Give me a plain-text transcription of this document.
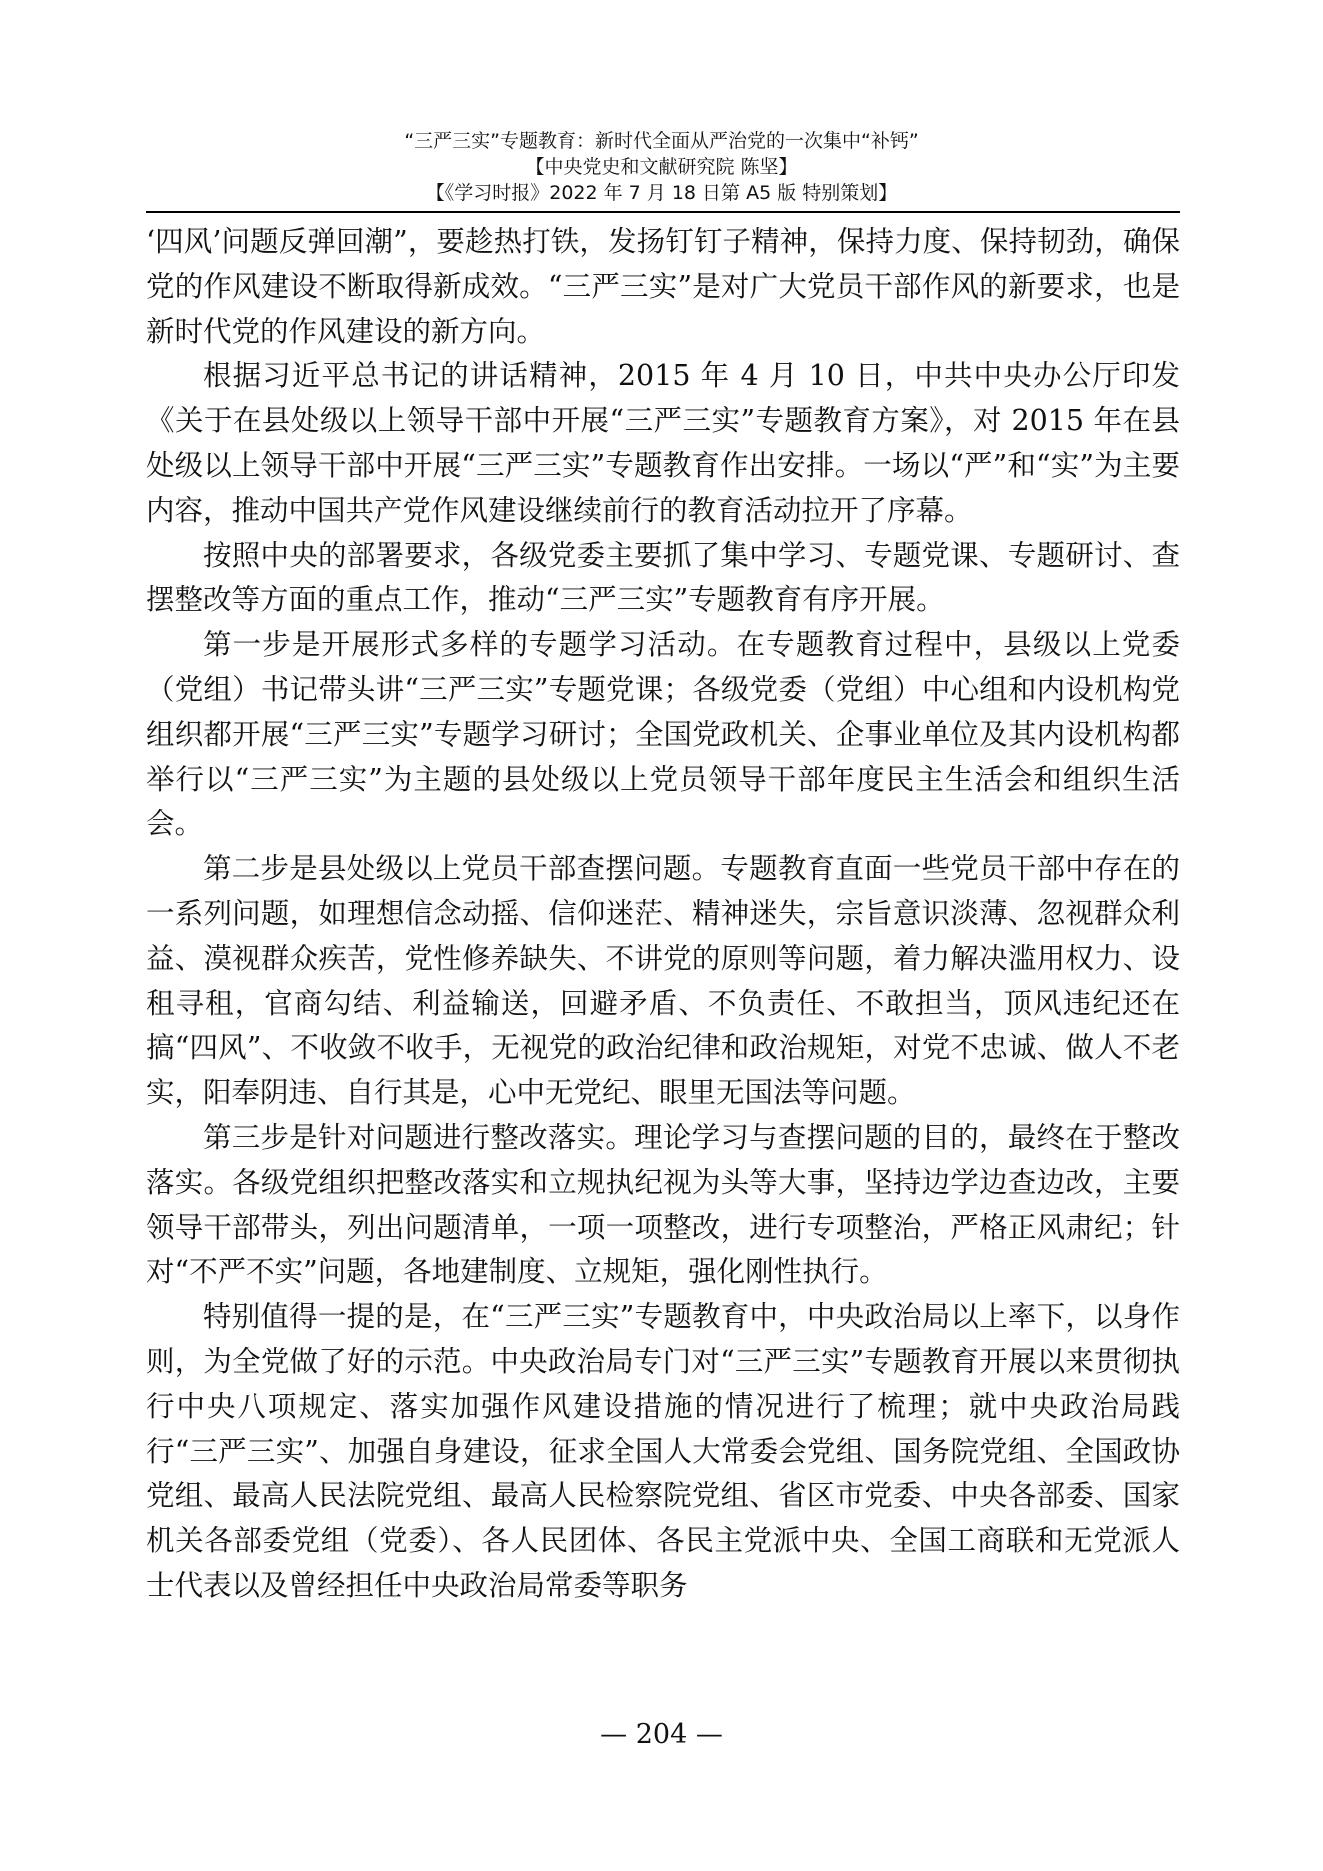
“三严三实”专题教育：新时代全面从严治党的一次集中“补钙”
【中央党史和文献研究院 陈坚】
【《学习时报》2022 年 7 月 18 日第 A5 版 特别策划】

‘四风’问题反弹回潮”，要趁热打铁，发扬钉钉子精神，保持力度、保持韧劲，确保党的作风建设不断取得新成效。“三严三实”是对广大党员干部作风的新要求，也是新时代党的作风建设的新方向。

根据习近平总书记的讲话精神，2015 年 4 月 10 日，中共中央办公厅印发《关于在县处级以上领导干部中开展“三严三实”专题教育方案》，对 2015 年在县处级以上领导干部中开展“三严三实”专题教育作出安排。一场以“严”和“实”为主要内容，推动中国共产党作风建设继续前行的教育活动拉开了序幕。

按照中央的部署要求，各级党委主要抓了集中学习、专题党课、专题研讨、查摆整改等方面的重点工作，推动“三严三实”专题教育有序开展。

第一步是开展形式多样的专题学习活动。在专题教育过程中，县级以上党委（党组）书记带头讲“三严三实”专题党课；各级党委（党组）中心组和内设机构党组织都开展“三严三实”专题学习研讨；全国党政机关、企事业单位及其内设机构都举行以“三严三实”为主题的县处级以上党员领导干部年度民主生活会和组织生活会。

第二步是县处级以上党员干部查摆问题。专题教育直面一些党员干部中存在的一系列问题，如理想信念动摇、信仰迷茫、精神迷失，宗旨意识淡薄、忽视群众利益、漠视群众疾苦，党性修养缺失、不讲党的原则等问题，着力解决滥用权力、设租寻租，官商勾结、利益输送，回避矛盾、不负责任、不敢担当，顶风违纪还在搞“四风”、不收敛不收手，无视党的政治纪律和政治规矩，对党不忠诚、做人不老实，阳奉阴违、自行其是，心中无党纪、眼里无国法等问题。

第三步是针对问题进行整改落实。理论学习与查摆问题的目的，最终在于整改落实。各级党组织把整改落实和立规执纪视为头等大事，坚持边学边查边改，主要领导干部带头，列出问题清单，一项一项整改，进行专项整治，严格正风肃纪；针对“不严不实”问题，各地建制度、立规矩，强化刚性执行。

特别值得一提的是，在“三严三实”专题教育中，中央政治局以上率下，以身作则，为全党做了好的示范。中央政治局专门对“三严三实”专题教育开展以来贯彻执行中央八项规定、落实加强作风建设措施的情况进行了梳理；就中央政治局践行“三严三实”、加强自身建设，征求全国人大常委会党组、国务院党组、全国政协党组、最高人民法院党组、最高人民检察院党组、省区市党委、中央各部委、国家机关各部委党组（党委）、各人民团体、各民主党派中央、全国工商联和无党派人士代表以及曾经担任中央政治局常委等职务

— 204 —
